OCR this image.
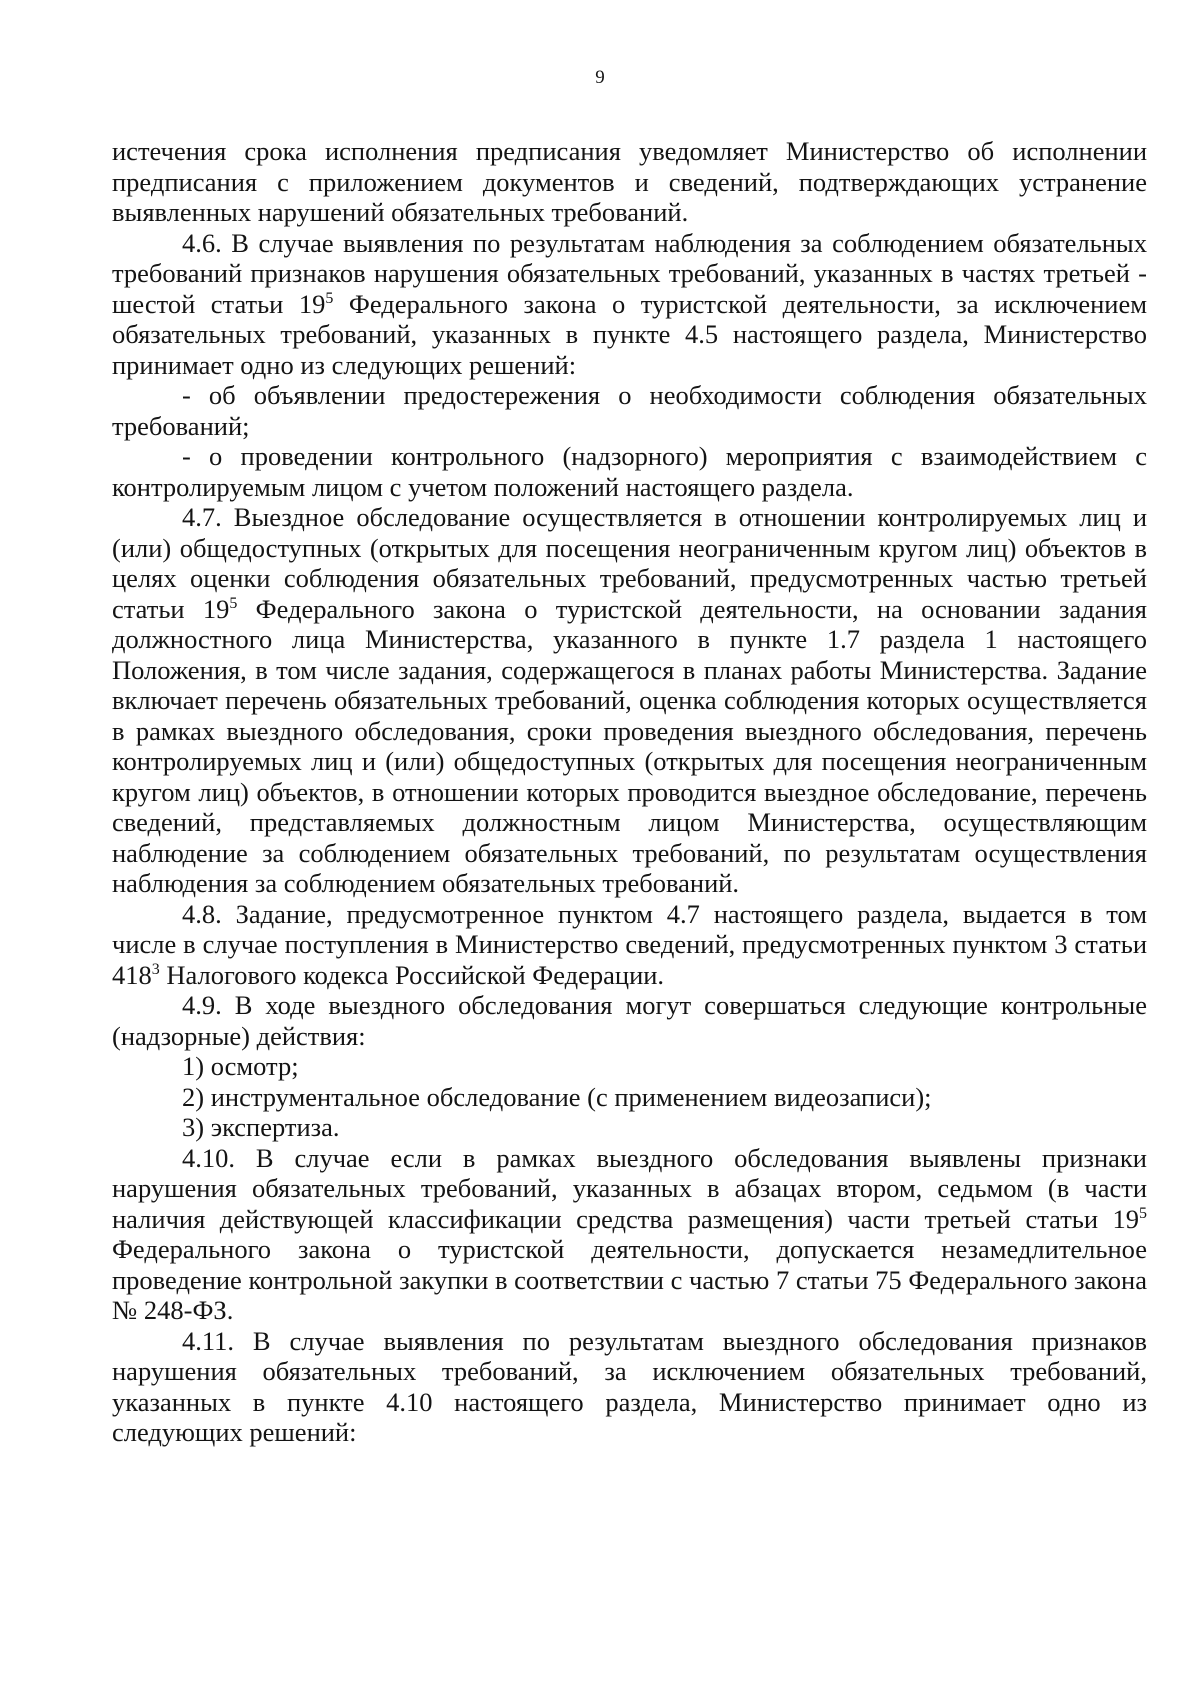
9

истечения срока исполнения предписания уведомляет Министерство об исполнении предписания с приложением документов и сведений, подтверждающих устранение выявленных нарушений обязательных требований.

4.6. В случае выявления по результатам наблюдения за соблюдением обязательных требований признаков нарушения обязательных требований, указанных в частях третьей - шестой статьи $19^5$ Федерального закона о туристской деятельности, за исключением обязательных требований, указанных в пункте 4.5 настоящего раздела, Министерство принимает одно из следующих решений:

- об объявлении предостережения о необходимости соблюдения обязательных требований;

- о проведении контрольного (надзорного) мероприятия с взаимодействием с контролируемым лицом с учетом положений настоящего раздела.

4.7. Выездное обследование осуществляется в отношении контролируемых лиц и (или) общедоступных (открытых для посещения неограниченным кругом лиц) объектов в целях оценки соблюдения обязательных требований, предусмотренных частью третьей статьи $19^5$ Федерального закона о туристской деятельности, на основании задания должностного лица Министерства, указанного в пункте 1.7 раздела 1 настоящего Положения, в том числе задания, содержащегося в планах работы Министерства. Задание включает перечень обязательных требований, оценка соблюдения которых осуществляется в рамках выездного обследования, сроки проведения выездного обследования, перечень контролируемых лиц и (или) общедоступных (открытых для посещения неограниченным кругом лиц) объектов, в отношении которых проводится выездное обследование, перечень сведений, представляемых должностным лицом Министерства, осуществляющим наблюдение за соблюдением обязательных требований, по результатам осуществления наблюдения за соблюдением обязательных требований.

4.8. Задание, предусмотренное пунктом 4.7 настоящего раздела, выдается в том числе в случае поступления в Министерство сведений, предусмотренных пунктом 3 статьи $418^3$ Налогового кодекса Российской Федерации.

4.9. В ходе выездного обследования могут совершаться следующие контрольные (надзорные) действия:

1) осмотр;

2) инструментальное обследование (с применением видеозаписи);

3) экспертиза.

4.10. В случае если в рамках выездного обследования выявлены признаки нарушения обязательных требований, указанных в абзацах втором, седьмом (в части наличия действующей классификации средства размещения) части третьей статьи $19^5$ Федерального закона о туристской деятельности, допускается незамедлительное проведение контрольной закупки в соответствии с частью 7 статьи 75 Федерального закона № 248-ФЗ.

4.11. В случае выявления по результатам выездного обследования признаков нарушения обязательных требований, за исключением обязательных требований, указанных в пункте 4.10 настоящего раздела, Министерство принимает одно из следующих решений:
